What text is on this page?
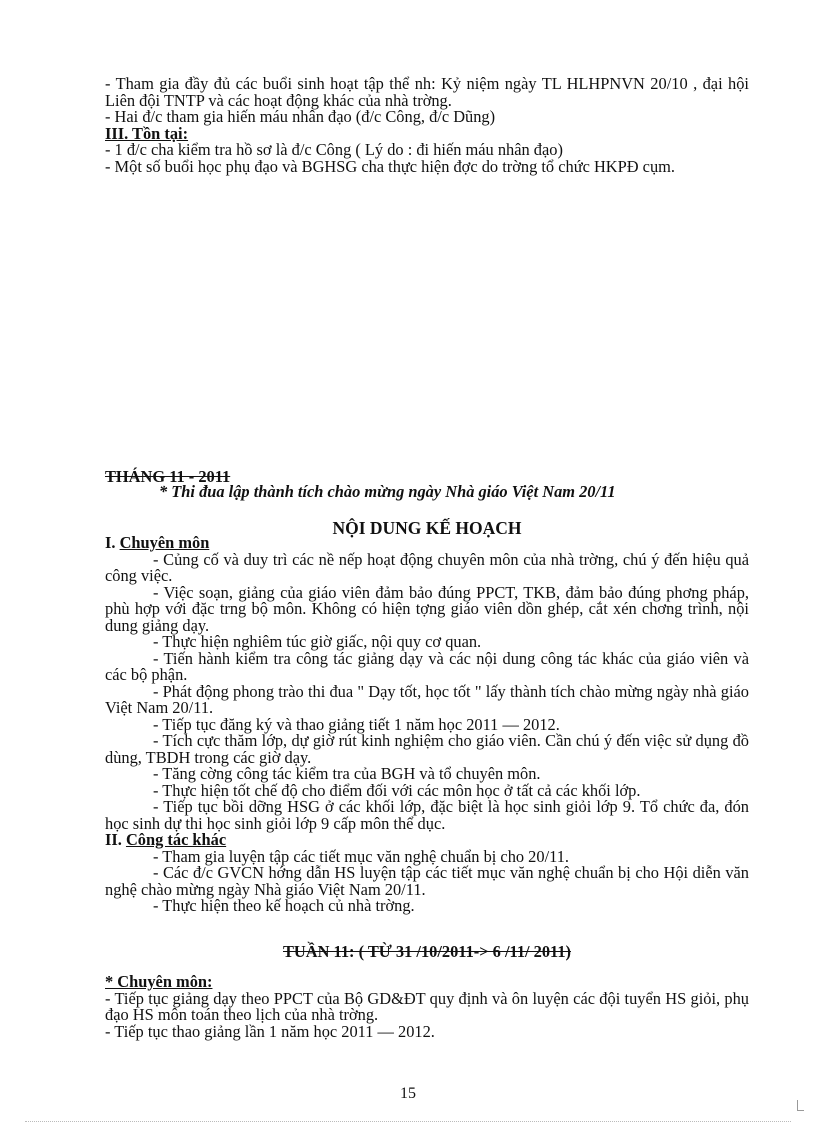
- Tham gia đầy đủ các buổi sinh hoạt tập thể nh: Kỷ niệm ngày TL HLHPNVN 20/10 , đại hội Liên đội TNTP và các hoạt động khác của nhà trờng.

- Hai đ/c tham gia hiến máu nhân đạo (đ/c Công, đ/c Dũng)

III. Tồn tại:

- 1 đ/c cha kiểm tra hồ sơ là đ/c Công ( Lý do : đi hiến máu nhân đạo)

- Một số buổi học phụ đạo và BGHSG cha thực hiện đợc do trờng tổ chức HKPĐ cụm.

THÁNG 11 - 2011
* Thi đua lập thành tích chào mừng ngày Nhà giáo Việt Nam 20/11
NỘI DUNG KẾ HOẠCH

I. Chuyên môn

- Củng cố và duy trì các nề nếp hoạt động chuyên môn của nhà trờng, chú ý đến hiệu quả công việc.

- Việc soạn, giảng của giáo viên đảm bảo đúng PPCT, TKB, đảm bảo đúng phơng pháp, phù hợp với đặc trng bộ môn. Không có hiện tợng giáo viên dồn ghép, cắt xén chơng trình, nội dung giảng dạy.

- Thực hiện nghiêm túc giờ giấc, nội quy cơ quan.

- Tiến hành kiểm tra công tác giảng dạy và các nội dung công tác khác của giáo viên và các bộ phận.

- Phát động phong trào thi đua " Dạy tốt, học tốt " lấy thành tích chào mừng ngày nhà giáo Việt Nam 20/11.

- Tiếp tục đăng ký và thao giảng tiết 1 năm học 2011 — 2012.

- Tích cực thăm lớp, dự giờ rút kinh nghiệm cho giáo viên. Cần chú ý đến việc sử dụng đồ dùng, TBDH trong các giờ dạy.

- Tăng cờng công tác kiểm tra của BGH và tổ chuyên môn.

- Thực hiện tốt chế độ cho điểm đối với các môn học ở tất cả các khối lớp.

- Tiếp tục bồi dỡng HSG ở các khối lớp, đặc biệt là học sinh giỏi lớp 9. Tổ chức đa, đón học sinh dự thi học sinh giỏi lớp 9 cấp môn thể dục.

II. Công tác khác

- Tham gia luyện tập các tiết mục văn nghệ chuẩn bị cho 20/11.

- Các đ/c GVCN hớng dẫn HS luyện tập các tiết mục văn nghệ chuẩn bị cho Hội diễn văn nghệ chào mừng ngày Nhà giáo Việt Nam 20/11.

- Thực hiện theo kế hoạch củ nhà trờng.

TUẦN 11: ( TỪ 31 /10/2011-> 6 /11/ 2011)

* Chuyên môn:

- Tiếp tục giảng dạy theo PPCT của Bộ GD&ĐT quy định và ôn luyện các đội tuyển HS giỏi, phụ đạo HS môn toán theo lịch của nhà trờng.

- Tiếp tục thao giảng lần 1 năm học 2011 — 2012.

15
